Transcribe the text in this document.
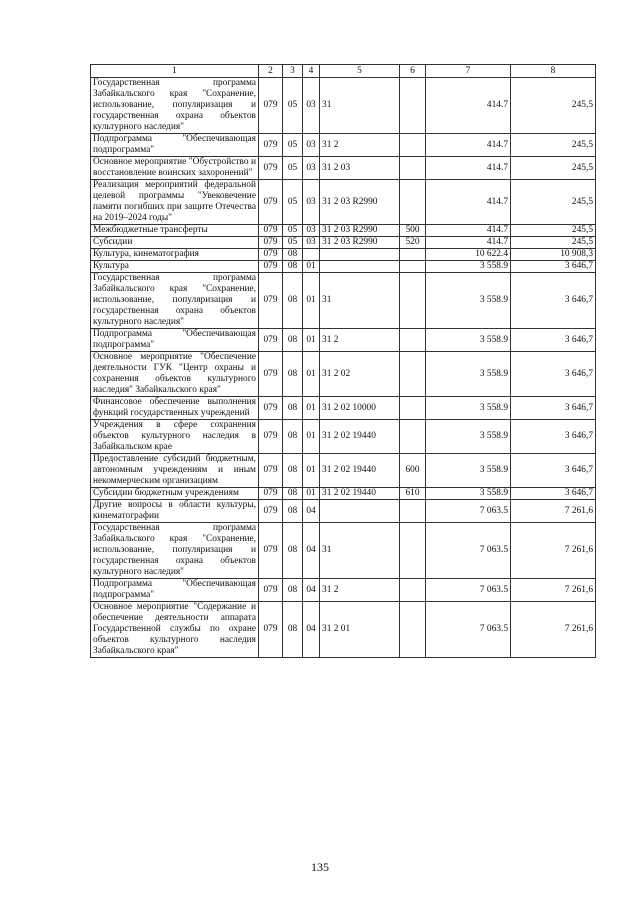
1	2	3	4	5	6	7	8
Государственная программа Забайкальского края "Сохранение, использование, популяризация и государственная охрана объектов культурного наследия"	079	05	03	31		414.7	245,5
Подпрограмма "Обеспечивающая подпрограмма"	079	05	03	31 2		414.7	245,5
Основное мероприятие "Обустройство и восстановление воинских захоронений"	079	05	03	31 2 03		414.7	245,5
Реализация мероприятий федеральной целевой программы "Увековечение памяти погибших при защите Отечества на 2019–2024 годы"	079	05	03	31 2 03 R2990		414.7	245,5
Межбюджетные трансферты	079	05	03	31 2 03 R2990	500	414.7	245,5
Субсидии	079	05	03	31 2 03 R2990	520	414.7	245,5
Культура, кинематография	079	08				10 622.4	10 908,3
Культура	079	08	01			3 558.9	3 646,7
Государственная программа Забайкальского края "Сохранение, использование, популяризация и государственная охрана объектов культурного наследия"	079	08	01	31		3 558.9	3 646,7
Подпрограмма "Обеспечивающая подпрограмма"	079	08	01	31 2		3 558.9	3 646,7
Основное мероприятие "Обеспечение деятельности ГУК "Центр охраны и сохранения объектов культурного наследия" Забайкальского края"	079	08	01	31 2 02		3 558.9	3 646,7
Финансовое обеспечение выполнения функций государственных учреждений	079	08	01	31 2 02 10000		3 558.9	3 646,7
Учреждения в сфере сохранения объектов культурного наследия в Забайкальском крае	079	08	01	31 2 02 19440		3 558.9	3 646,7
Предоставление субсидий бюджетным, автономным учреждениям и иным некоммерческим организациям	079	08	01	31 2 02 19440	600	3 558.9	3 646,7
Субсидии бюджетным учреждениям	079	08	01	31 2 02 19440	610	3 558.9	3 646,7
Другие вопросы в области культуры, кинематографии	079	08	04			7 063.5	7 261,6
Государственная программа Забайкальского края "Сохранение, использование, популяризация и государственная охрана объектов культурного наследия"	079	08	04	31		7 063.5	7 261,6
Подпрограмма "Обеспечивающая подпрограмма"	079	08	04	31 2		7 063.5	7 261,6
Основное мероприятие "Содержание и обеспечение деятельности аппарата Государственной службы по охране объектов культурного наследия Забайкальского края"	079	08	04	31 2 01		7 063.5	7 261,6
135
